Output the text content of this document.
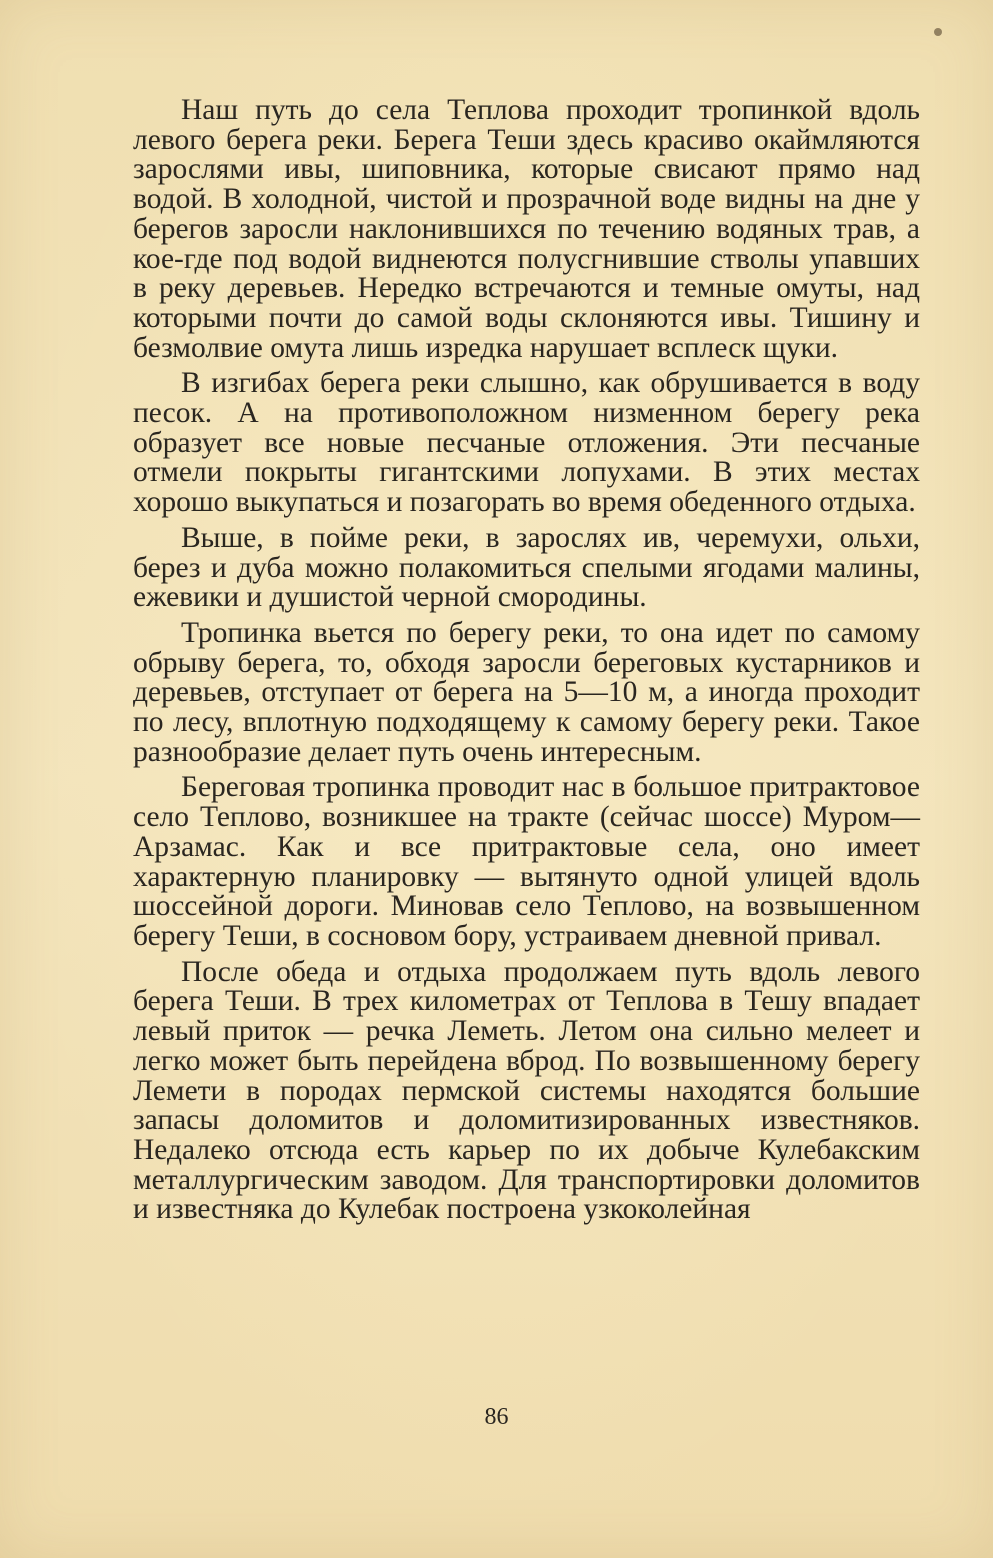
Наш путь до села Теплова проходит тропинкой вдоль левого берега реки. Берега Теши здесь красиво окаймляются зарослями ивы, шиповника, которые свисают прямо над водой. В холодной, чистой и прозрачной воде видны на дне у берегов заросли наклонившихся по течению водяных трав, а кое-где под водой виднеются полусгнившие стволы упавших в реку деревьев. Нередко встречаются и темные омуты, над которыми почти до самой воды склоняются ивы. Тишину и безмолвие омута лишь изредка нарушает всплеск щуки.

В изгибах берега реки слышно, как обрушивается в воду песок. А на противоположном низменном берегу река образует все новые песчаные отложения. Эти песчаные отмели покрыты гигантскими лопухами. В этих местах хорошо выкупаться и позагорать во время обеденного отдыха.

Выше, в пойме реки, в зарослях ив, черемухи, ольхи, берез и дуба можно полакомиться спелыми ягодами малины, ежевики и душистой черной смородины.

Тропинка вьется по берегу реки, то она идет по самому обрыву берега, то, обходя заросли береговых кустарников и деревьев, отступает от берега на 5—10 м, а иногда проходит по лесу, вплотную подходящему к самому берегу реки. Такое разнообразие делает путь очень интересным.

Береговая тропинка проводит нас в большое притрактовое село Теплово, возникшее на тракте (сейчас шоссе) Муром—Арзамас. Как и все притрактовые села, оно имеет характерную планировку — вытянуто одной улицей вдоль шоссейной дороги. Миновав село Теплово, на возвышенном берегу Теши, в сосновом бору, устраиваем дневной привал.

После обеда и отдыха продолжаем путь вдоль левого берега Теши. В трех километрах от Теплова в Тешу впадает левый приток — речка Леметь. Летом она сильно мелеет и легко может быть перейдена вброд. По возвышенному берегу Лемети в породах пермской системы находятся большие запасы доломитов и доломитизированных известняков. Недалеко отсюда есть карьер по их добыче Кулебакским металлургическим заводом. Для транспортировки доломитов и известняка до Кулебак построена узкоколейная

86
